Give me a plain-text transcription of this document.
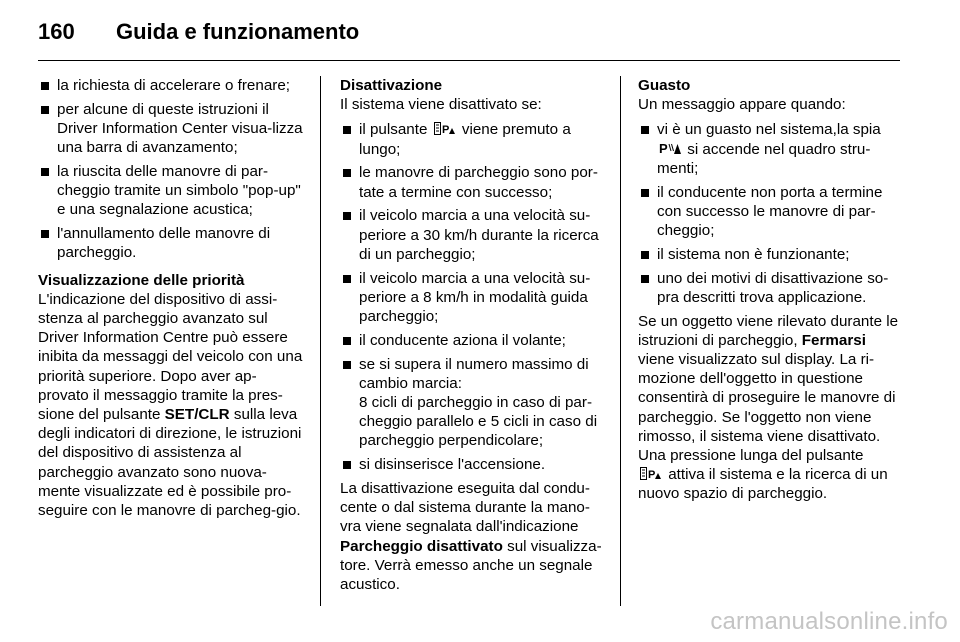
160	Guida e funzionamento
la richiesta di accelerare o frenare;
per alcune di queste istruzioni il Driver Information Center visua-lizza una barra di avanzamento;
la riuscita delle manovre di par-cheggio tramite un simbolo "pop-up" e una segnalazione acustica;
l'annullamento delle manovre di parcheggio.

Visualizzazione delle priorità

L'indicazione del dispositivo di assi-stenza al parcheggio avanzato sul Driver Information Centre può essere inibita da messaggi del veicolo con una priorità superiore. Dopo aver ap-provato il messaggio tramite la pres-sione del pulsante SET/CLR sulla leva degli indicatori di direzione, le istruzioni del dispositivo di assistenza al parcheggio avanzato sono nuova-mente visualizzate ed è possibile pro-seguire con le manovre di parcheg-gio.

Disattivazione

Il sistema viene disattivato se:

il pulsante P viene premuto a lungo;
le manovre di parcheggio sono por-tate a termine con successo;
il veicolo marcia a una velocità su-periore a 30 km/h durante la ricerca di un parcheggio;
il veicolo marcia a una velocità su-periore a 8 km/h in modalità guida parcheggio;
il conducente aziona il volante;
se si supera il numero massimo di cambio marcia:
8 cicli di parcheggio in caso di par-cheggio parallelo e 5 cicli in caso di parcheggio perpendicolare;
si disinserisce l'accensione.

La disattivazione eseguita dal condu-cente o dal sistema durante la mano-vra viene segnalata dall'indicazione Parcheggio disattivato sul visualizza-tore. Verrà emesso anche un segnale acustico.

Guasto

Un messaggio appare quando:

vi è un guasto nel sistema,la spia

P si accende nel quadro stru-menti;
il conducente non porta a termine con successo le manovre di par-cheggio;
il sistema non è funzionante;
uno dei motivi di disattivazione so-pra descritti trova applicazione.

Se un oggetto viene rilevato durante le istruzioni di parcheggio, Fermarsi viene visualizzato sul display. La ri-mozione dell'oggetto in questione consentirà di proseguire le manovre di parcheggio. Se l'oggetto non viene rimosso, il sistema viene disattivato.

Una pressione lunga del pulsante

P attiva il sistema e la ricerca di un nuovo spazio di parcheggio.

carmanualsonline.info
